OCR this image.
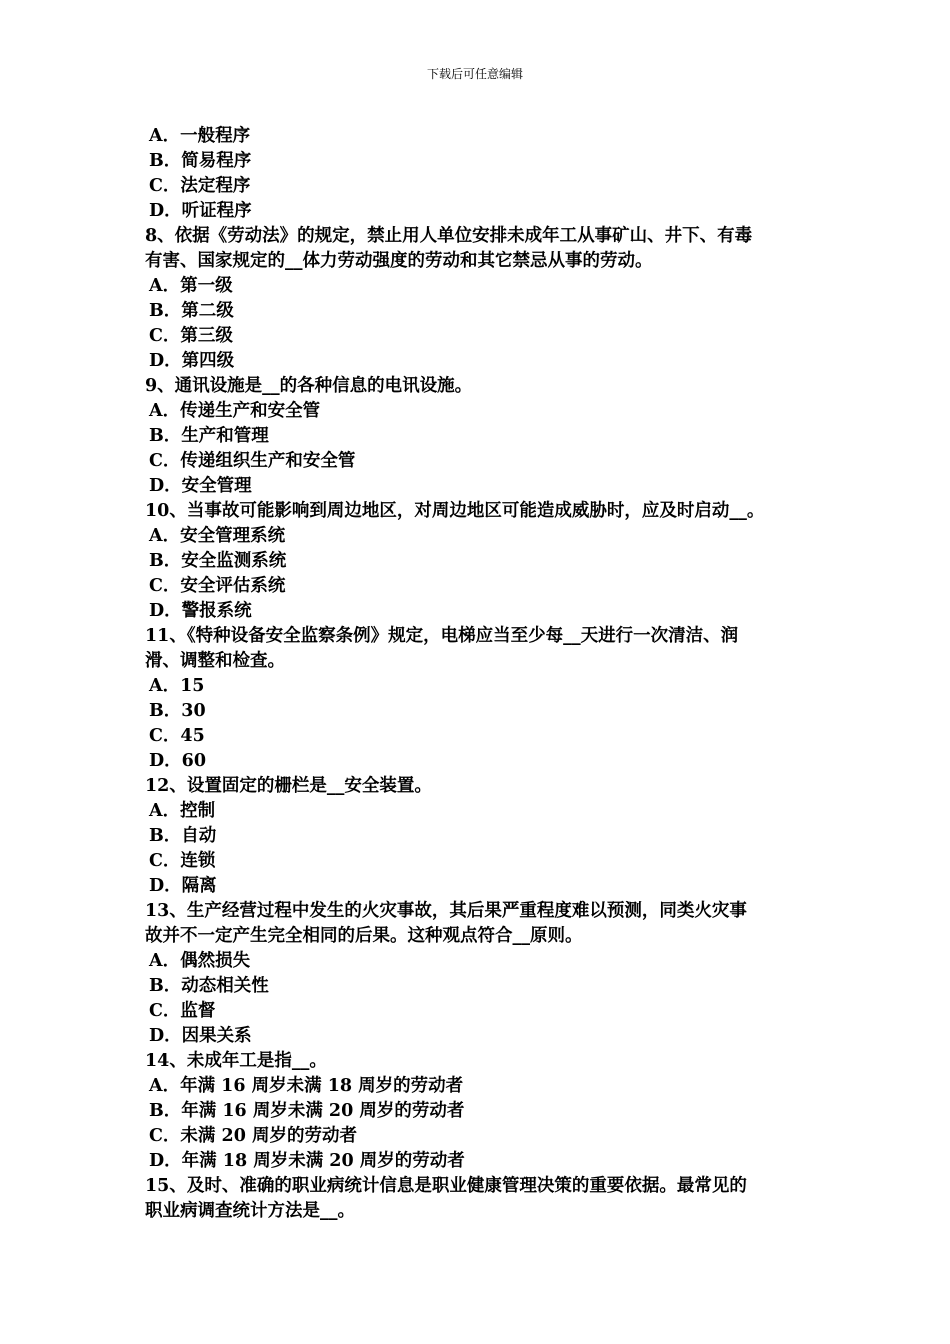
下载后可任意编辑
A．一般程序
B．简易程序
C．法定程序
D．听证程序
8、依据《劳动法》的规定，禁止用人单位安排未成年工从事矿山、井下、有毒
有害、国家规定的__体力劳动强度的劳动和其它禁忌从事的劳动。
A．第一级
B．第二级
C．第三级
D．第四级
9、通讯设施是__的各种信息的电讯设施。
A．传递生产和安全管
B．生产和管理
C．传递组织生产和安全管
D．安全管理
10、当事故可能影响到周边地区，对周边地区可能造成威胁时，应及时启动__。
A．安全管理系统
B．安全监测系统
C．安全评估系统
D．警报系统
11、《特种设备安全监察条例》规定，电梯应当至少每__天进行一次清洁、润
滑、调整和检查。
A．15
B．30
C．45
D．60
12、设置固定的栅栏是__安全装置。
A．控制
B．自动
C．连锁
D．隔离
13、生产经营过程中发生的火灾事故，其后果严重程度难以预测，同类火灾事
故并不一定产生完全相同的后果。这种观点符合__原则。
A．偶然损失
B．动态相关性
C．监督
D．因果关系
14、未成年工是指__。
A．年满 16 周岁未满 18 周岁的劳动者
B．年满 16 周岁未满 20 周岁的劳动者
C．未满 20 周岁的劳动者
D．年满 18 周岁未满 20 周岁的劳动者
15、及时、准确的职业病统计信息是职业健康管理决策的重要依据。最常见的
职业病调查统计方法是__。
